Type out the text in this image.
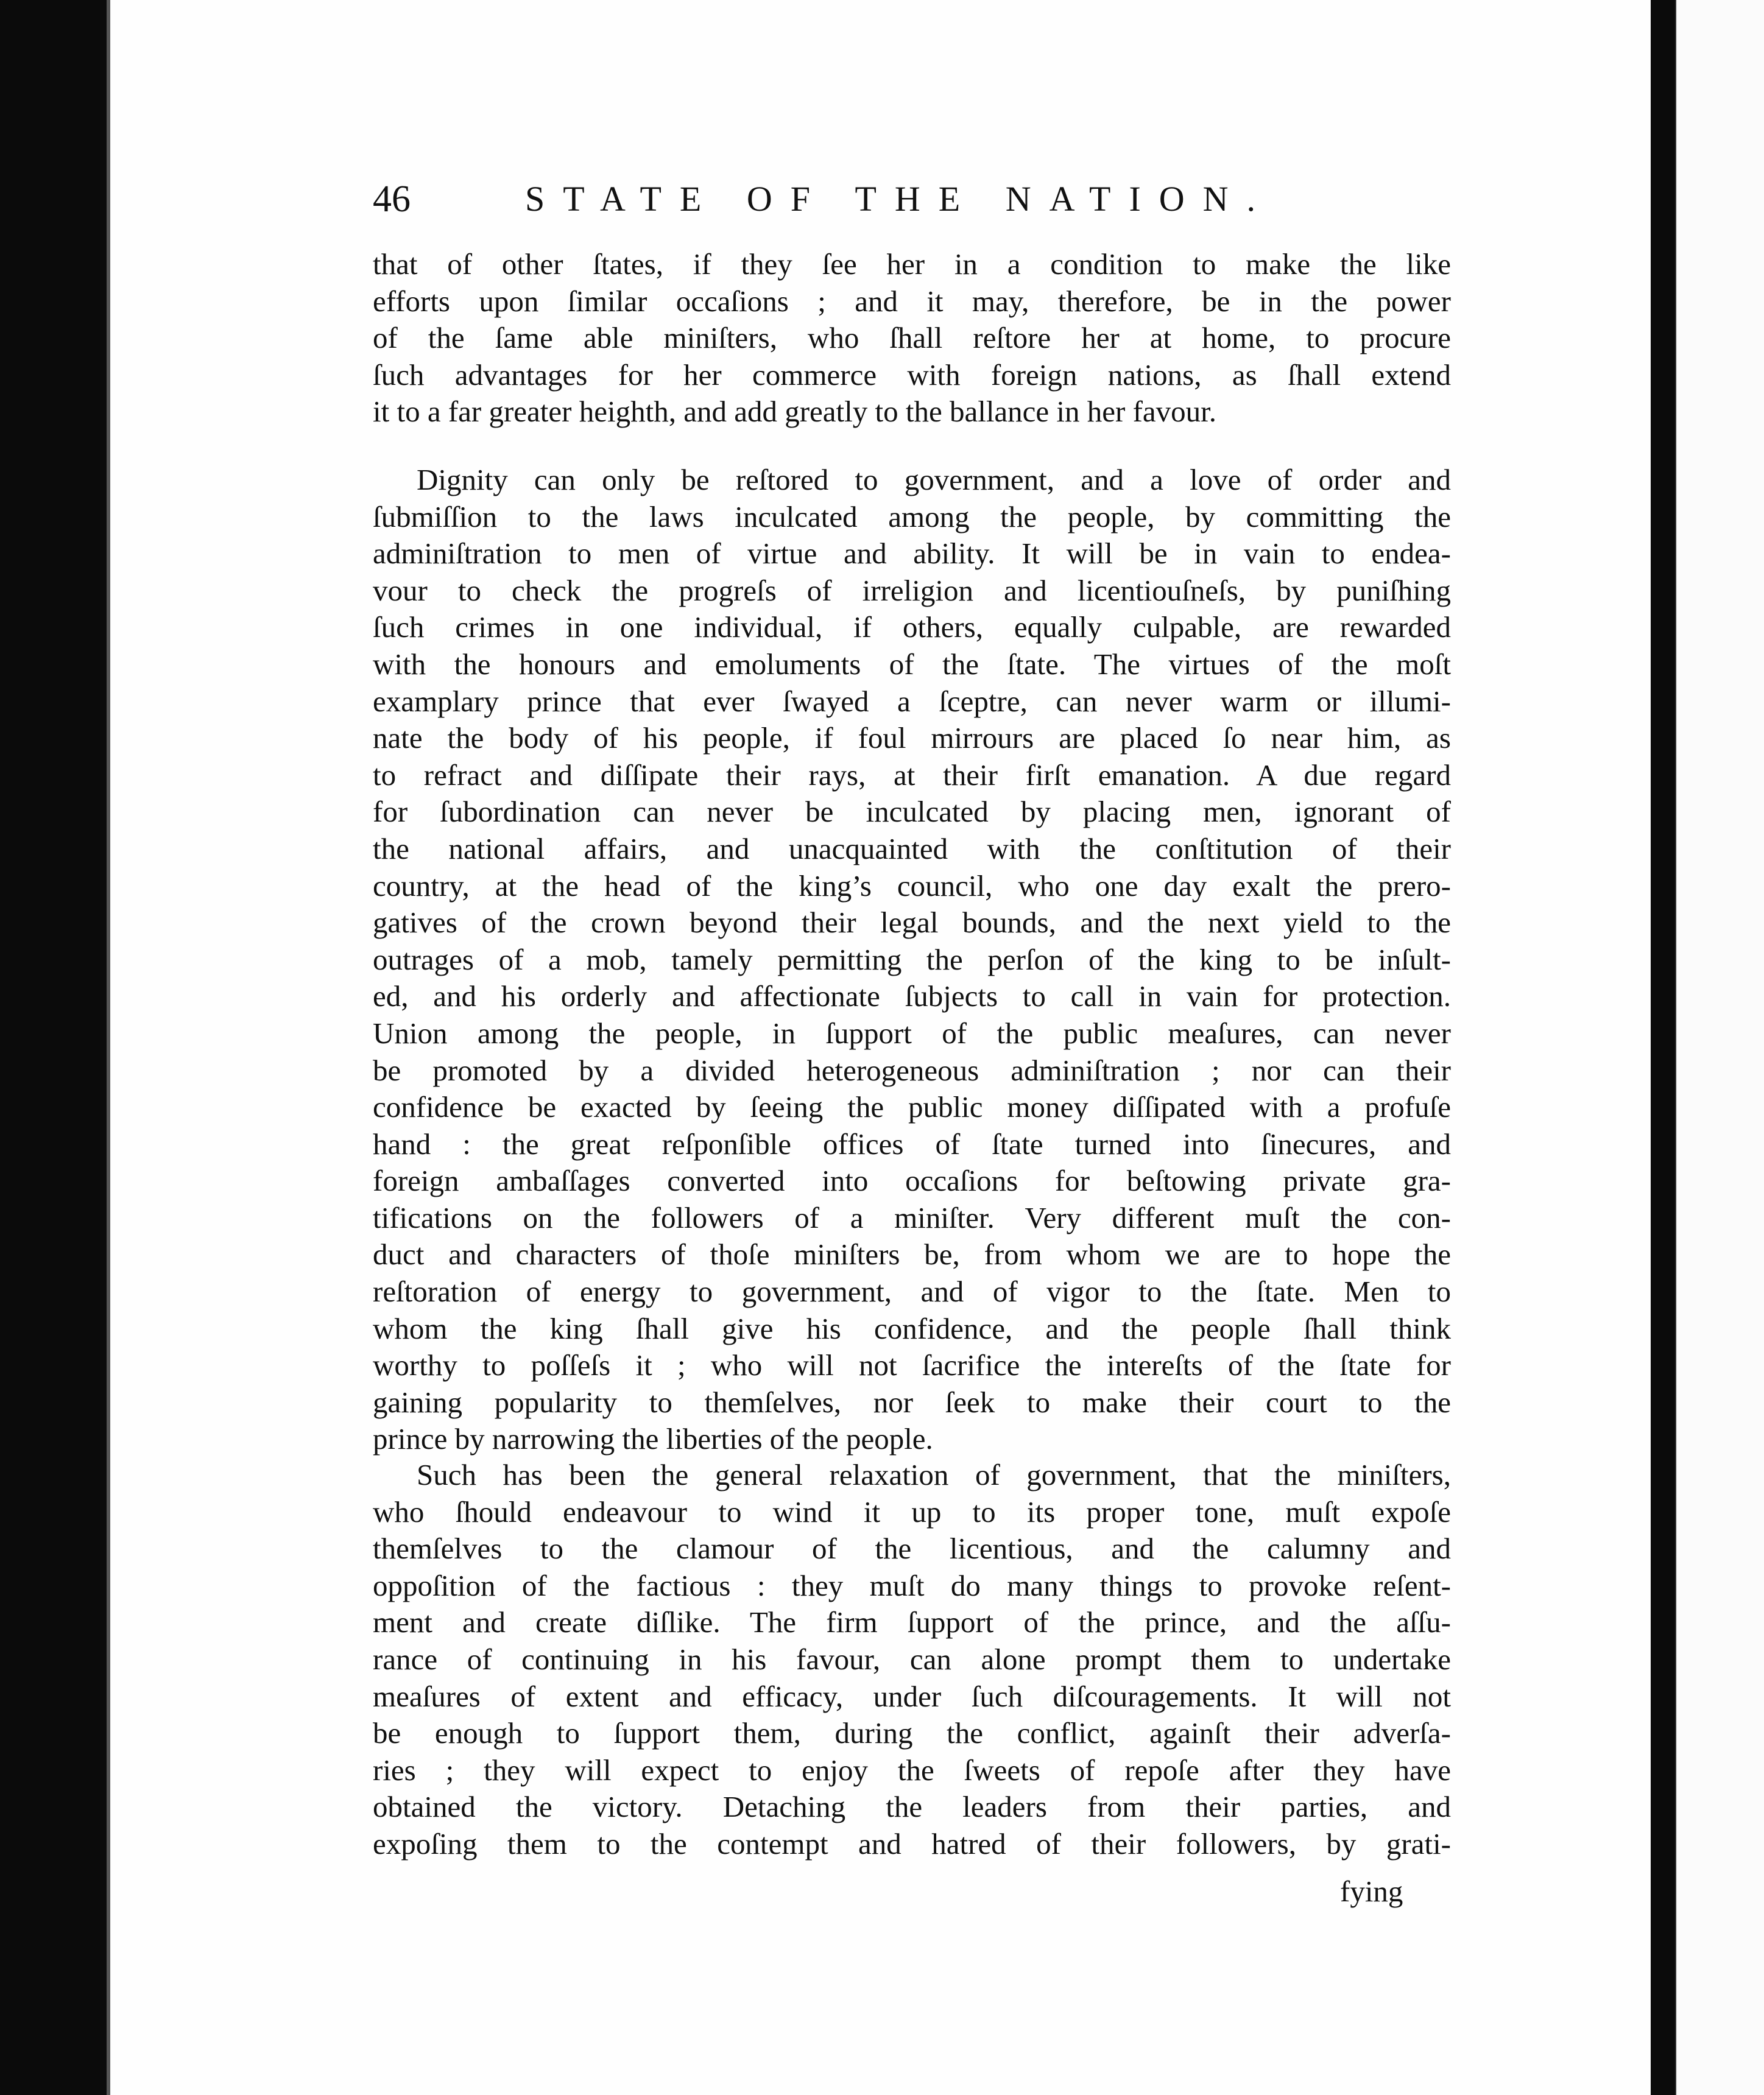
46	STATE OF THE NATION.
that of other ſtates, if they ſee her in a condition to make the like
efforts upon ſimilar occaſions ; and it may, therefore, be in the power
of the ſame able miniſters, who ſhall reſtore her at home, to procure
ſuch advantages for her commerce with foreign nations, as ſhall extend
it to a far greater heighth, and add greatly to the ballance in her favour.
Dignity can only be reſtored to government, and a love of order and
ſubmiſſion to the laws inculcated among the people, by committing the
adminiſtration to men of virtue and ability. It will be in vain to endea-
vour to check the progreſs of irreligion and licentiouſneſs, by puniſhing
ſuch crimes in one individual, if others, equally culpable, are rewarded
with the honours and emoluments of the ſtate. The virtues of the moſt
examplary prince that ever ſwayed a ſceptre, can never warm or illumi-
nate the body of his people, if foul mirrours are placed ſo near him, as
to refract and diſſipate their rays, at their firſt emanation. A due regard
for ſubordination can never be inculcated by placing men, ignorant of
the national affairs, and unacquainted with the conſtitution of their
country, at the head of the king’s council, who one day exalt the prero-
gatives of the crown beyond their legal bounds, and the next yield to the
outrages of a mob, tamely permitting the perſon of the king to be inſult-
ed, and his orderly and affectionate ſubjects to call in vain for protection.
Union among the people, in ſupport of the public meaſures, can never
be promoted by a divided heterogeneous adminiſtration ; nor can their
confidence be exacted by ſeeing the public money diſſipated with a profuſe
hand : the great reſponſible offices of ſtate turned into ſinecures, and
foreign ambaſſages converted into occaſions for beſtowing private gra-
tifications on the followers of a miniſter. Very different muſt the con-
duct and characters of thoſe miniſters be, from whom we are to hope the
reſtoration of energy to government, and of vigor to the ſtate. Men to
whom the king ſhall give his confidence, and the people ſhall think
worthy to poſſeſs it ; who will not ſacrifice the intereſts of the ſtate for
gaining popularity to themſelves, nor ſeek to make their court to the
prince by narrowing the liberties of the people.
Such has been the general relaxation of government, that the miniſters,
who ſhould endeavour to wind it up to its proper tone, muſt expoſe
themſelves to the clamour of the licentious, and the calumny and
oppoſition of the factious : they muſt do many things to provoke reſent-
ment and create diſlike. The firm ſupport of the prince, and the aſſu-
rance of continuing in his favour, can alone prompt them to undertake
meaſures of extent and efficacy, under ſuch diſcouragements. It will not
be enough to ſupport them, during the conflict, againſt their adverſa-
ries ; they will expect to enjoy the ſweets of repoſe after they have
obtained the victory. Detaching the leaders from their parties, and
expoſing them to the contempt and hatred of their followers, by grati-
fying
